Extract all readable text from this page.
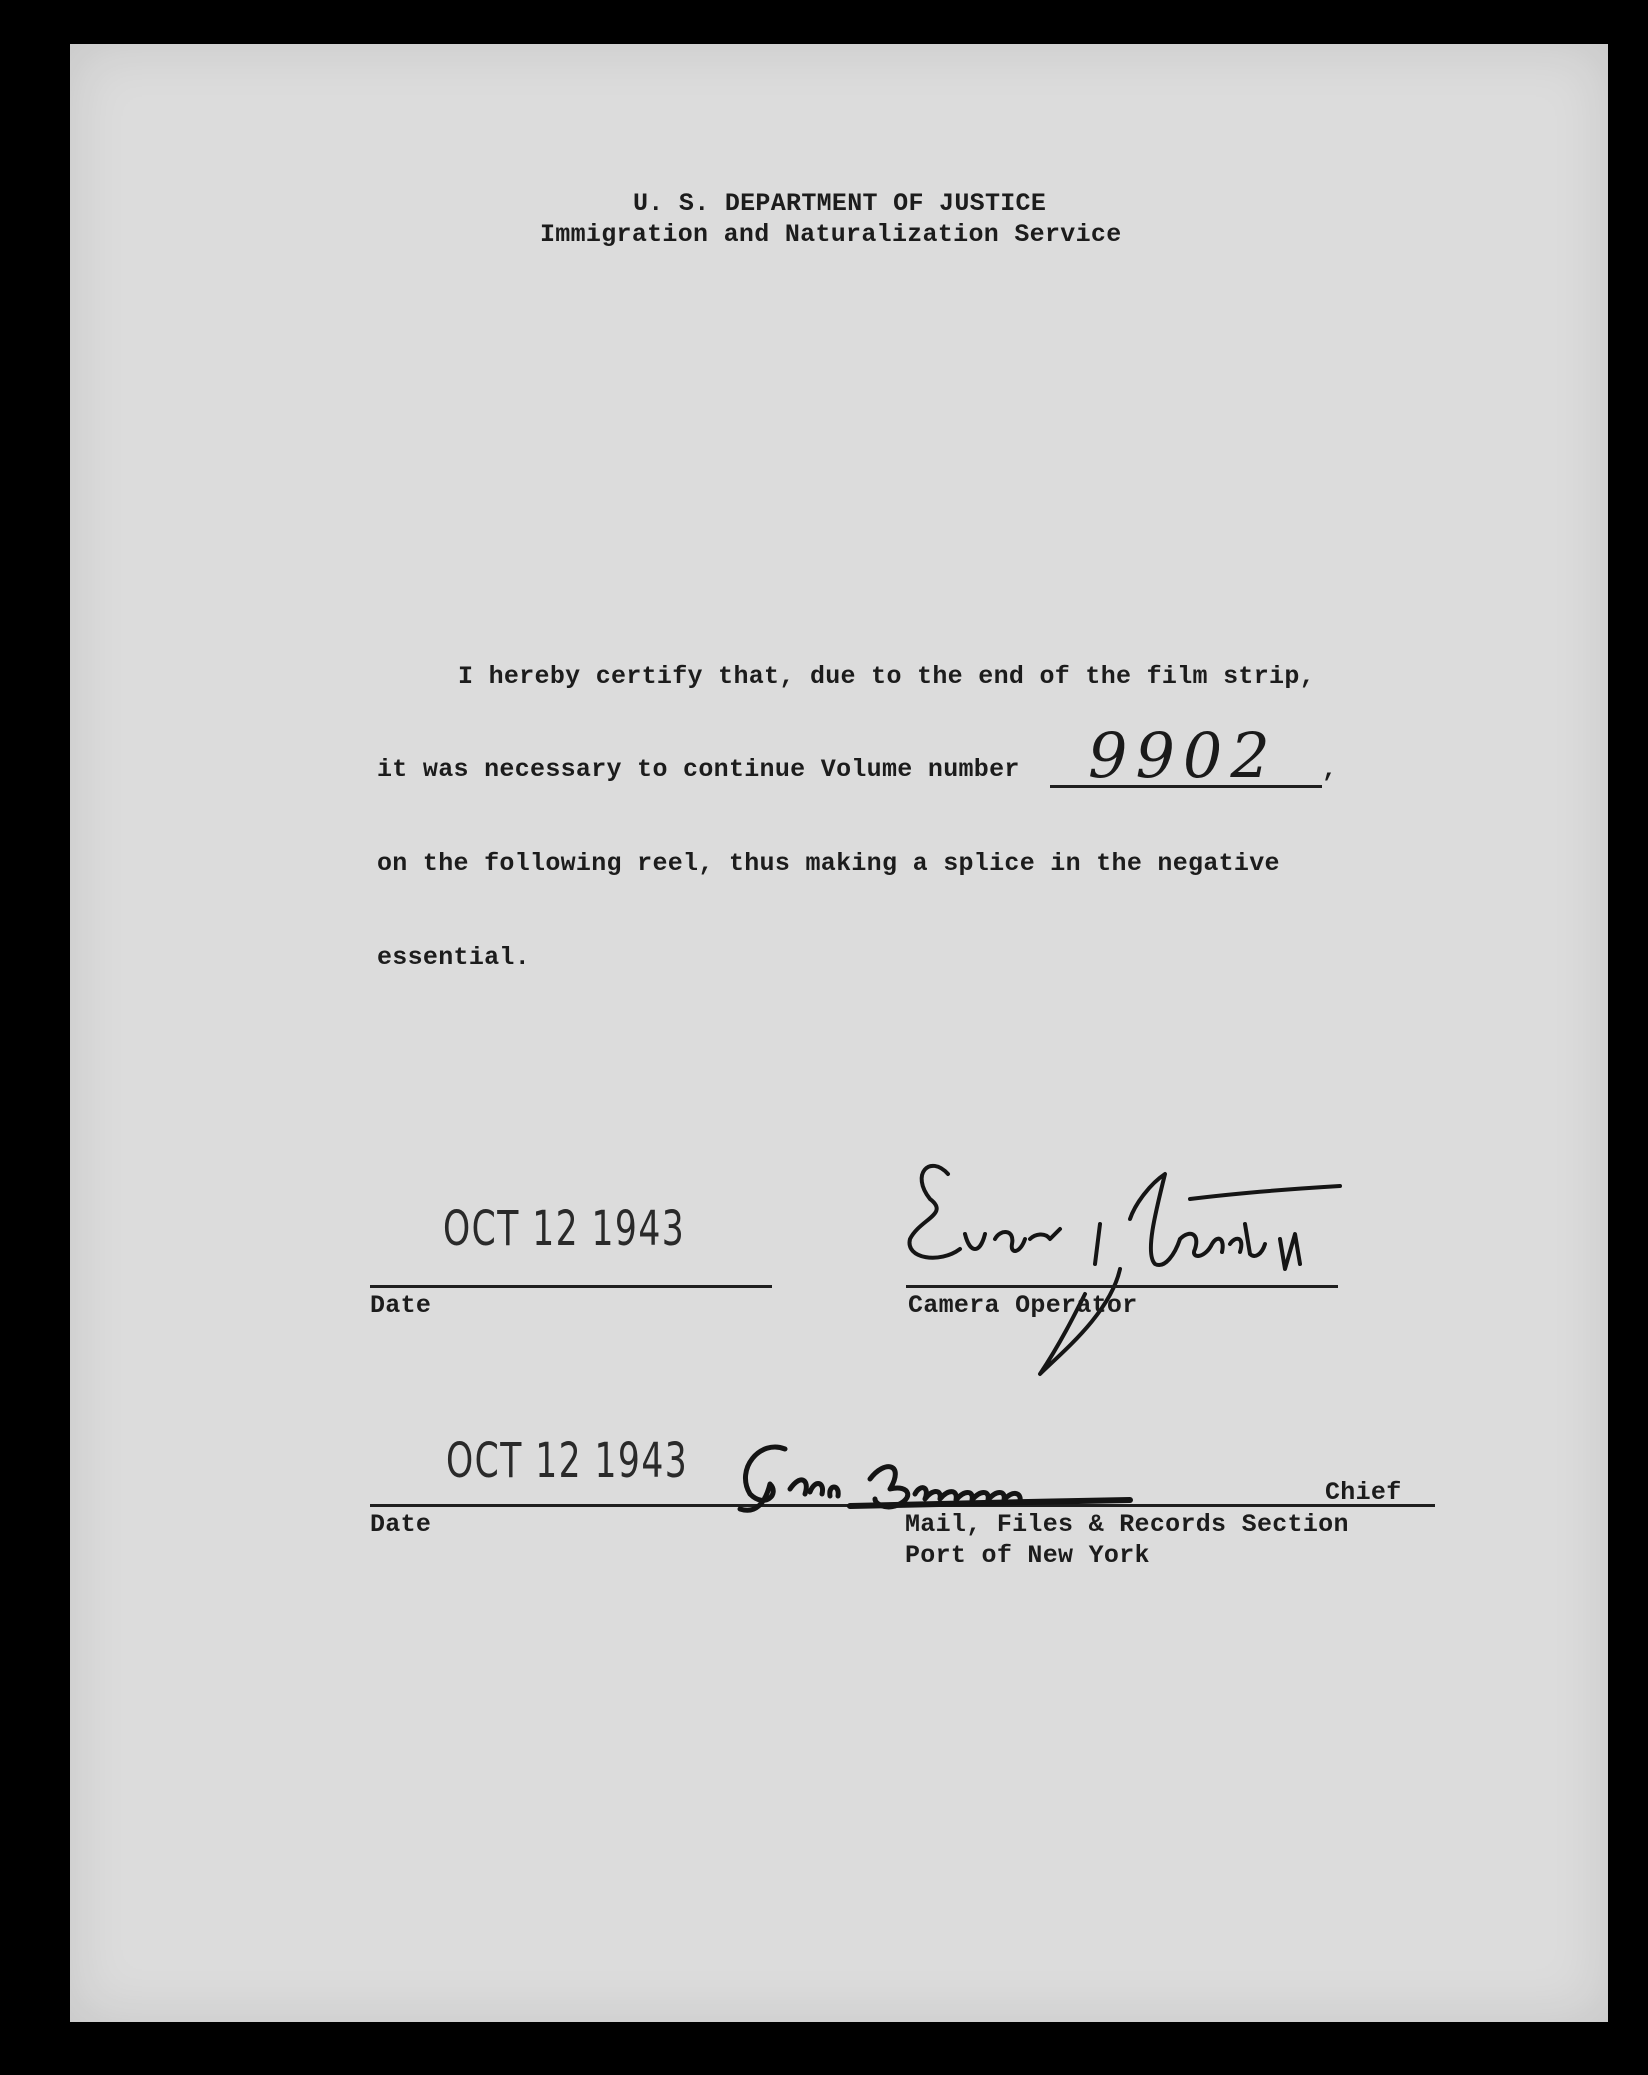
U. S. DEPARTMENT OF JUSTICE
Immigration and Naturalization Service
I hereby certify that, due to the end of the film strip,
it was necessary to continue Volume number 9902 ,
on the following reel, thus making a splice in the negative
essential.
OCT 12 1943
Date	Camera Operator
OCT 12 1943
Date
Chief
Mail, Files & Records Section
Port of New York
